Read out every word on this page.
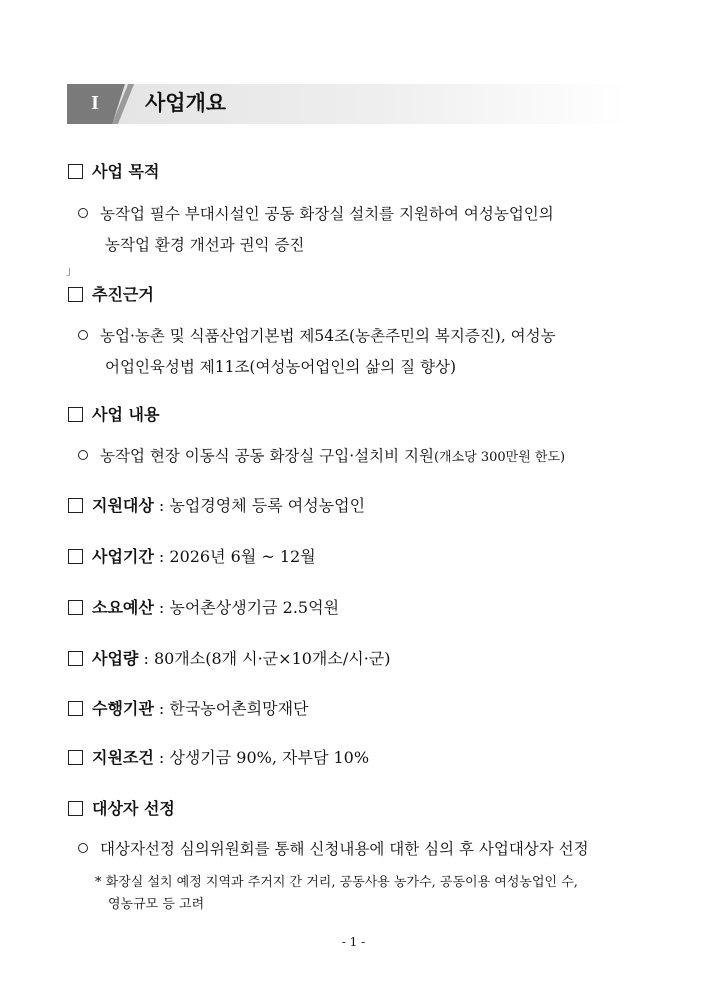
I	사업개요
사업 목적
농작업 필수 부대시설인 공동 화장실 설치를 지원하여 여성농업인의
농작업 환경 개선과 권익 증진
」
추진근거
농업·농촌 및 식품산업기본법 제54조(농촌주민의 복지증진), 여성농
어업인육성법 제11조(여성농어업인의 삶의 질 향상)
사업 내용
농작업 현장 이동식 공동 화장실 구입·설치비 지원(개소당 300만원 한도)
지원대상 : 농업경영체 등록 여성농업인
사업기간 : 2026년 6월 ~ 12월
소요예산 : 농어촌상생기금 2.5억원
사업량 : 80개소(8개 시·군×10개소/시·군)
수행기관 : 한국농어촌희망재단
지원조건 : 상생기금 90%, 자부담 10%
대상자 선정
대상자선정 심의위원회를 통해 신청내용에 대한 심의 후 사업대상자 선정
* 화장실 설치 예정 지역과 주거지 간 거리, 공동사용 농가수, 공동이용 여성농업인 수,
영농규모 등 고려
- 1 -
